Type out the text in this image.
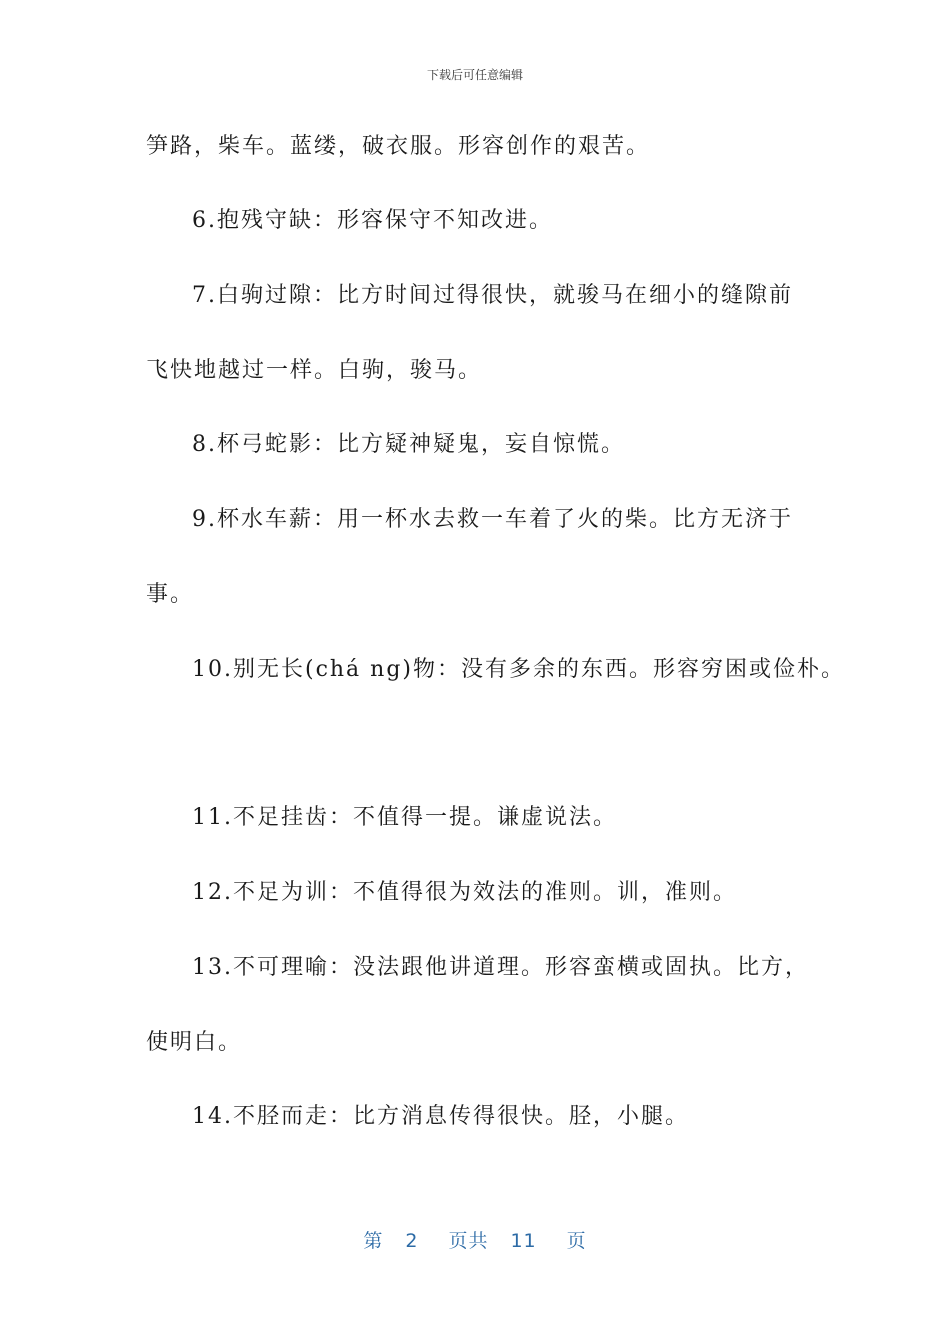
下载后可任意编辑
笋路，柴车。蓝缕，破衣服。形容创作的艰苦。
6.抱残守缺：形容保守不知改进。
7.白驹过隙：比方时间过得很快，就骏马在细小的缝隙前
飞快地越过一样。白驹，骏马。
8.杯弓蛇影：比方疑神疑鬼，妄自惊慌。
9.杯水车薪：用一杯水去救一车着了火的柴。比方无济于
事。
10.别无长(chá ng)物：没有多余的东西。形容穷困或俭朴。
11.不足挂齿：不值得一提。谦虚说法。
12.不足为训：不值得很为效法的准则。训，准则。
13.不可理喻：没法跟他讲道理。形容蛮横或固执。比方，
使明白。
14.不胫而走：比方消息传得很快。胫，小腿。
第 2 页共 11 页
